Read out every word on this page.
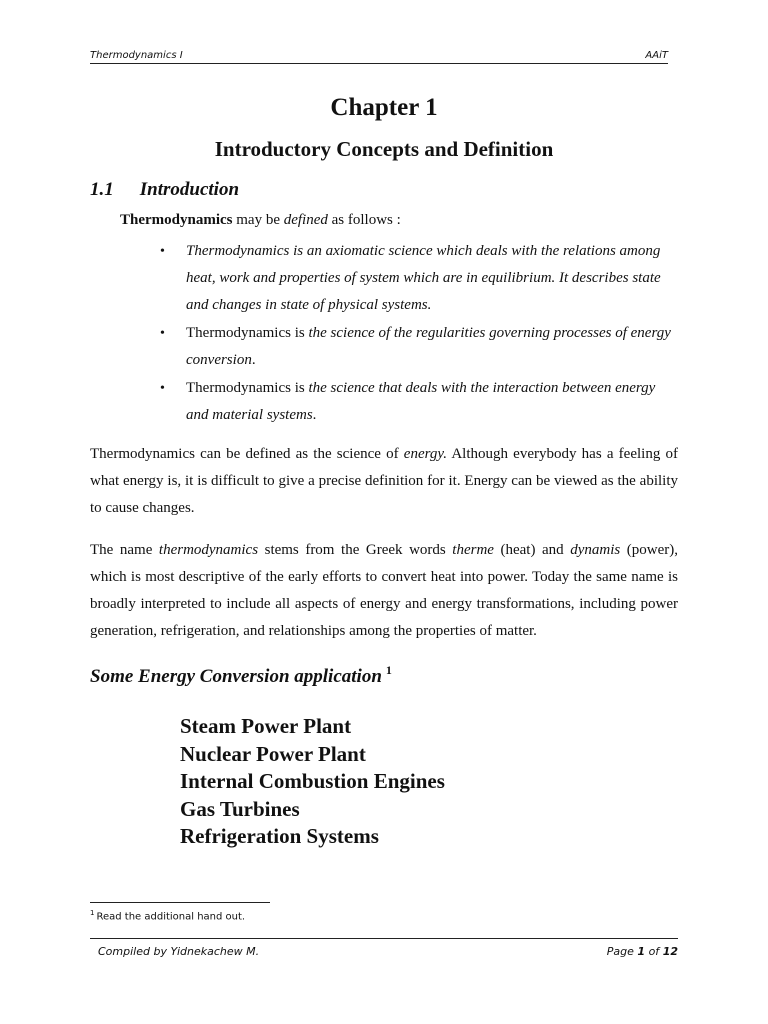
Thermodynamics I	AAiT
Chapter 1
Introductory Concepts and Definition
1.1 Introduction
Thermodynamics may be defined as follows :
• Thermodynamics is an axiomatic science which deals with the relations among heat, work and properties of system which are in equilibrium. It describes state and changes in state of physical systems.
• Thermodynamics is the science of the regularities governing processes of energy conversion.
• Thermodynamics is the science that deals with the interaction between energy and material systems.

Thermodynamics can be defined as the science of energy. Although everybody has a feeling of what energy is, it is difficult to give a precise definition for it. Energy can be viewed as the ability to cause changes.

The name thermodynamics stems from the Greek words therme (heat) and dynamis (power), which is most descriptive of the early efforts to convert heat into power. Today the same name is broadly interpreted to include all aspects of energy and energy transformations, including power generation, refrigeration, and relationships among the properties of matter.

Some Energy Conversion application $^1$
Steam Power Plant
Nuclear Power Plant
Internal Combustion Engines
Gas Turbines
Refrigeration Systems
$^1$ Read the additional hand out.
Compiled by Yidnekachew M.	Page 1 of 12
